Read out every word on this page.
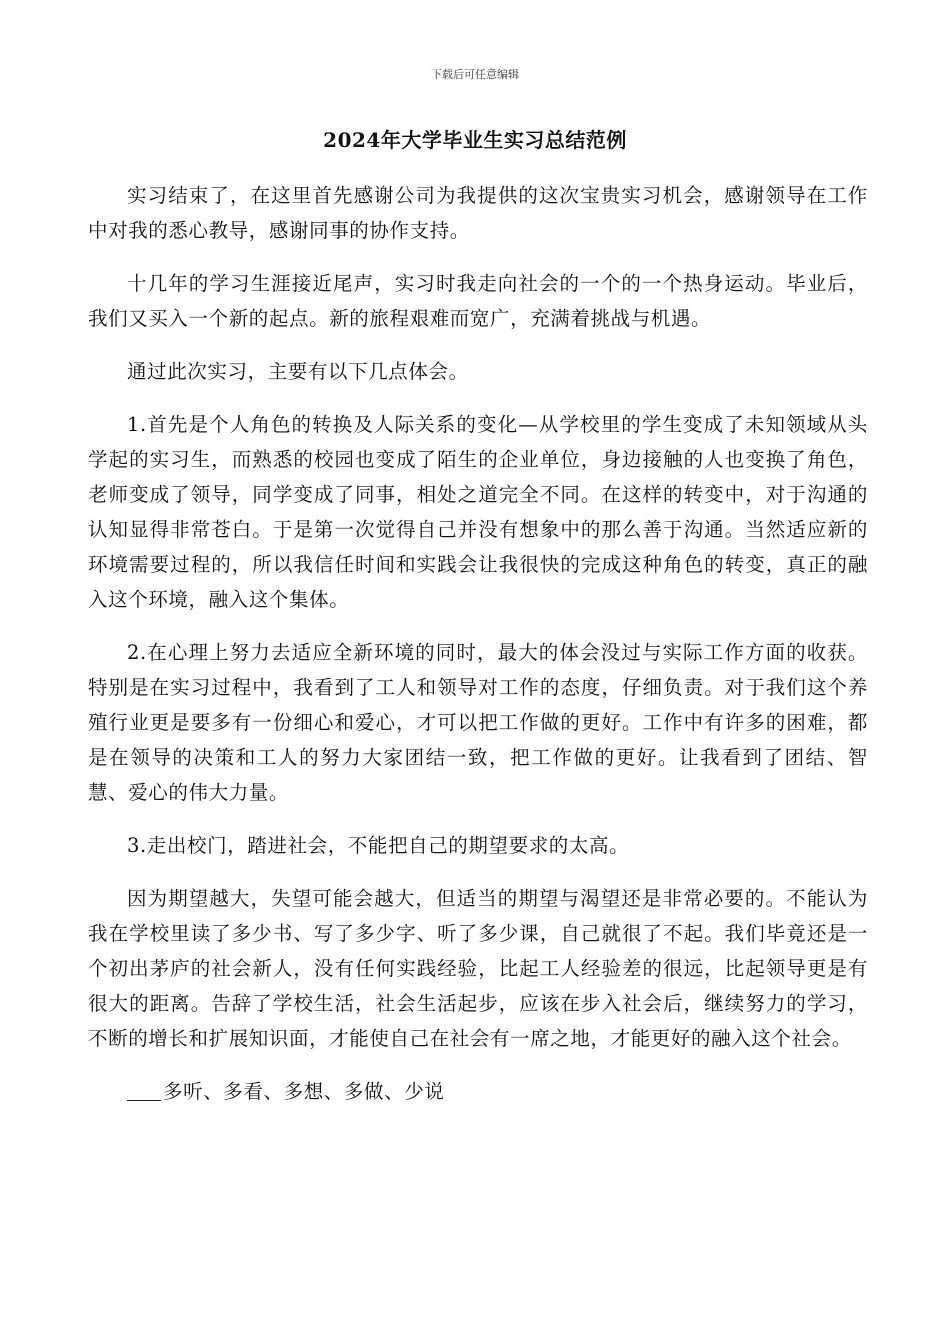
下载后可任意编辑
2024年大学毕业生实习总结范例

实习结束了，在这里首先感谢公司为我提供的这次宝贵实习机会，感谢领导在工作中对我的悉心教导，感谢同事的协作支持。

十几年的学习生涯接近尾声，实习时我走向社会的一个的一个热身运动。毕业后，我们又买入一个新的起点。新的旅程艰难而宽广，充满着挑战与机遇。

通过此次实习，主要有以下几点体会。

1.首先是个人角色的转换及人际关系的变化—从学校里的学生变成了未知领域从头学起的实习生，而熟悉的校园也变成了陌生的企业单位，身边接触的人也变换了角色，老师变成了领导，同学变成了同事，相处之道完全不同。在这样的转变中，对于沟通的认知显得非常苍白。于是第一次觉得自己并没有想象中的那么善于沟通。当然适应新的环境需要过程的，所以我信任时间和实践会让我很快的完成这种角色的转变，真正的融入这个环境，融入这个集体。

2.在心理上努力去适应全新环境的同时，最大的体会没过与实际工作方面的收获。特别是在实习过程中，我看到了工人和领导对工作的态度，仔细负责。对于我们这个养殖行业更是要多有一份细心和爱心，才可以把工作做的更好。工作中有许多的困难，都是在领导的决策和工人的努力大家团结一致，把工作做的更好。让我看到了团结、智慧、爱心的伟大力量。

3.走出校门，踏进社会，不能把自己的期望要求的太高。

因为期望越大，失望可能会越大，但适当的期望与渴望还是非常必要的。不能认为我在学校里读了多少书、写了多少字、听了多少课，自己就很了不起。我们毕竟还是一个初出茅庐的社会新人，没有任何实践经验，比起工人经验差的很远，比起领导更是有很大的距离。告辞了学校生活，社会生活起步，应该在步入社会后，继续努力的学习，不断的增长和扩展知识面，才能使自己在社会有一席之地，才能更好的融入这个社会。

多听、多看、多想、多做、少说
